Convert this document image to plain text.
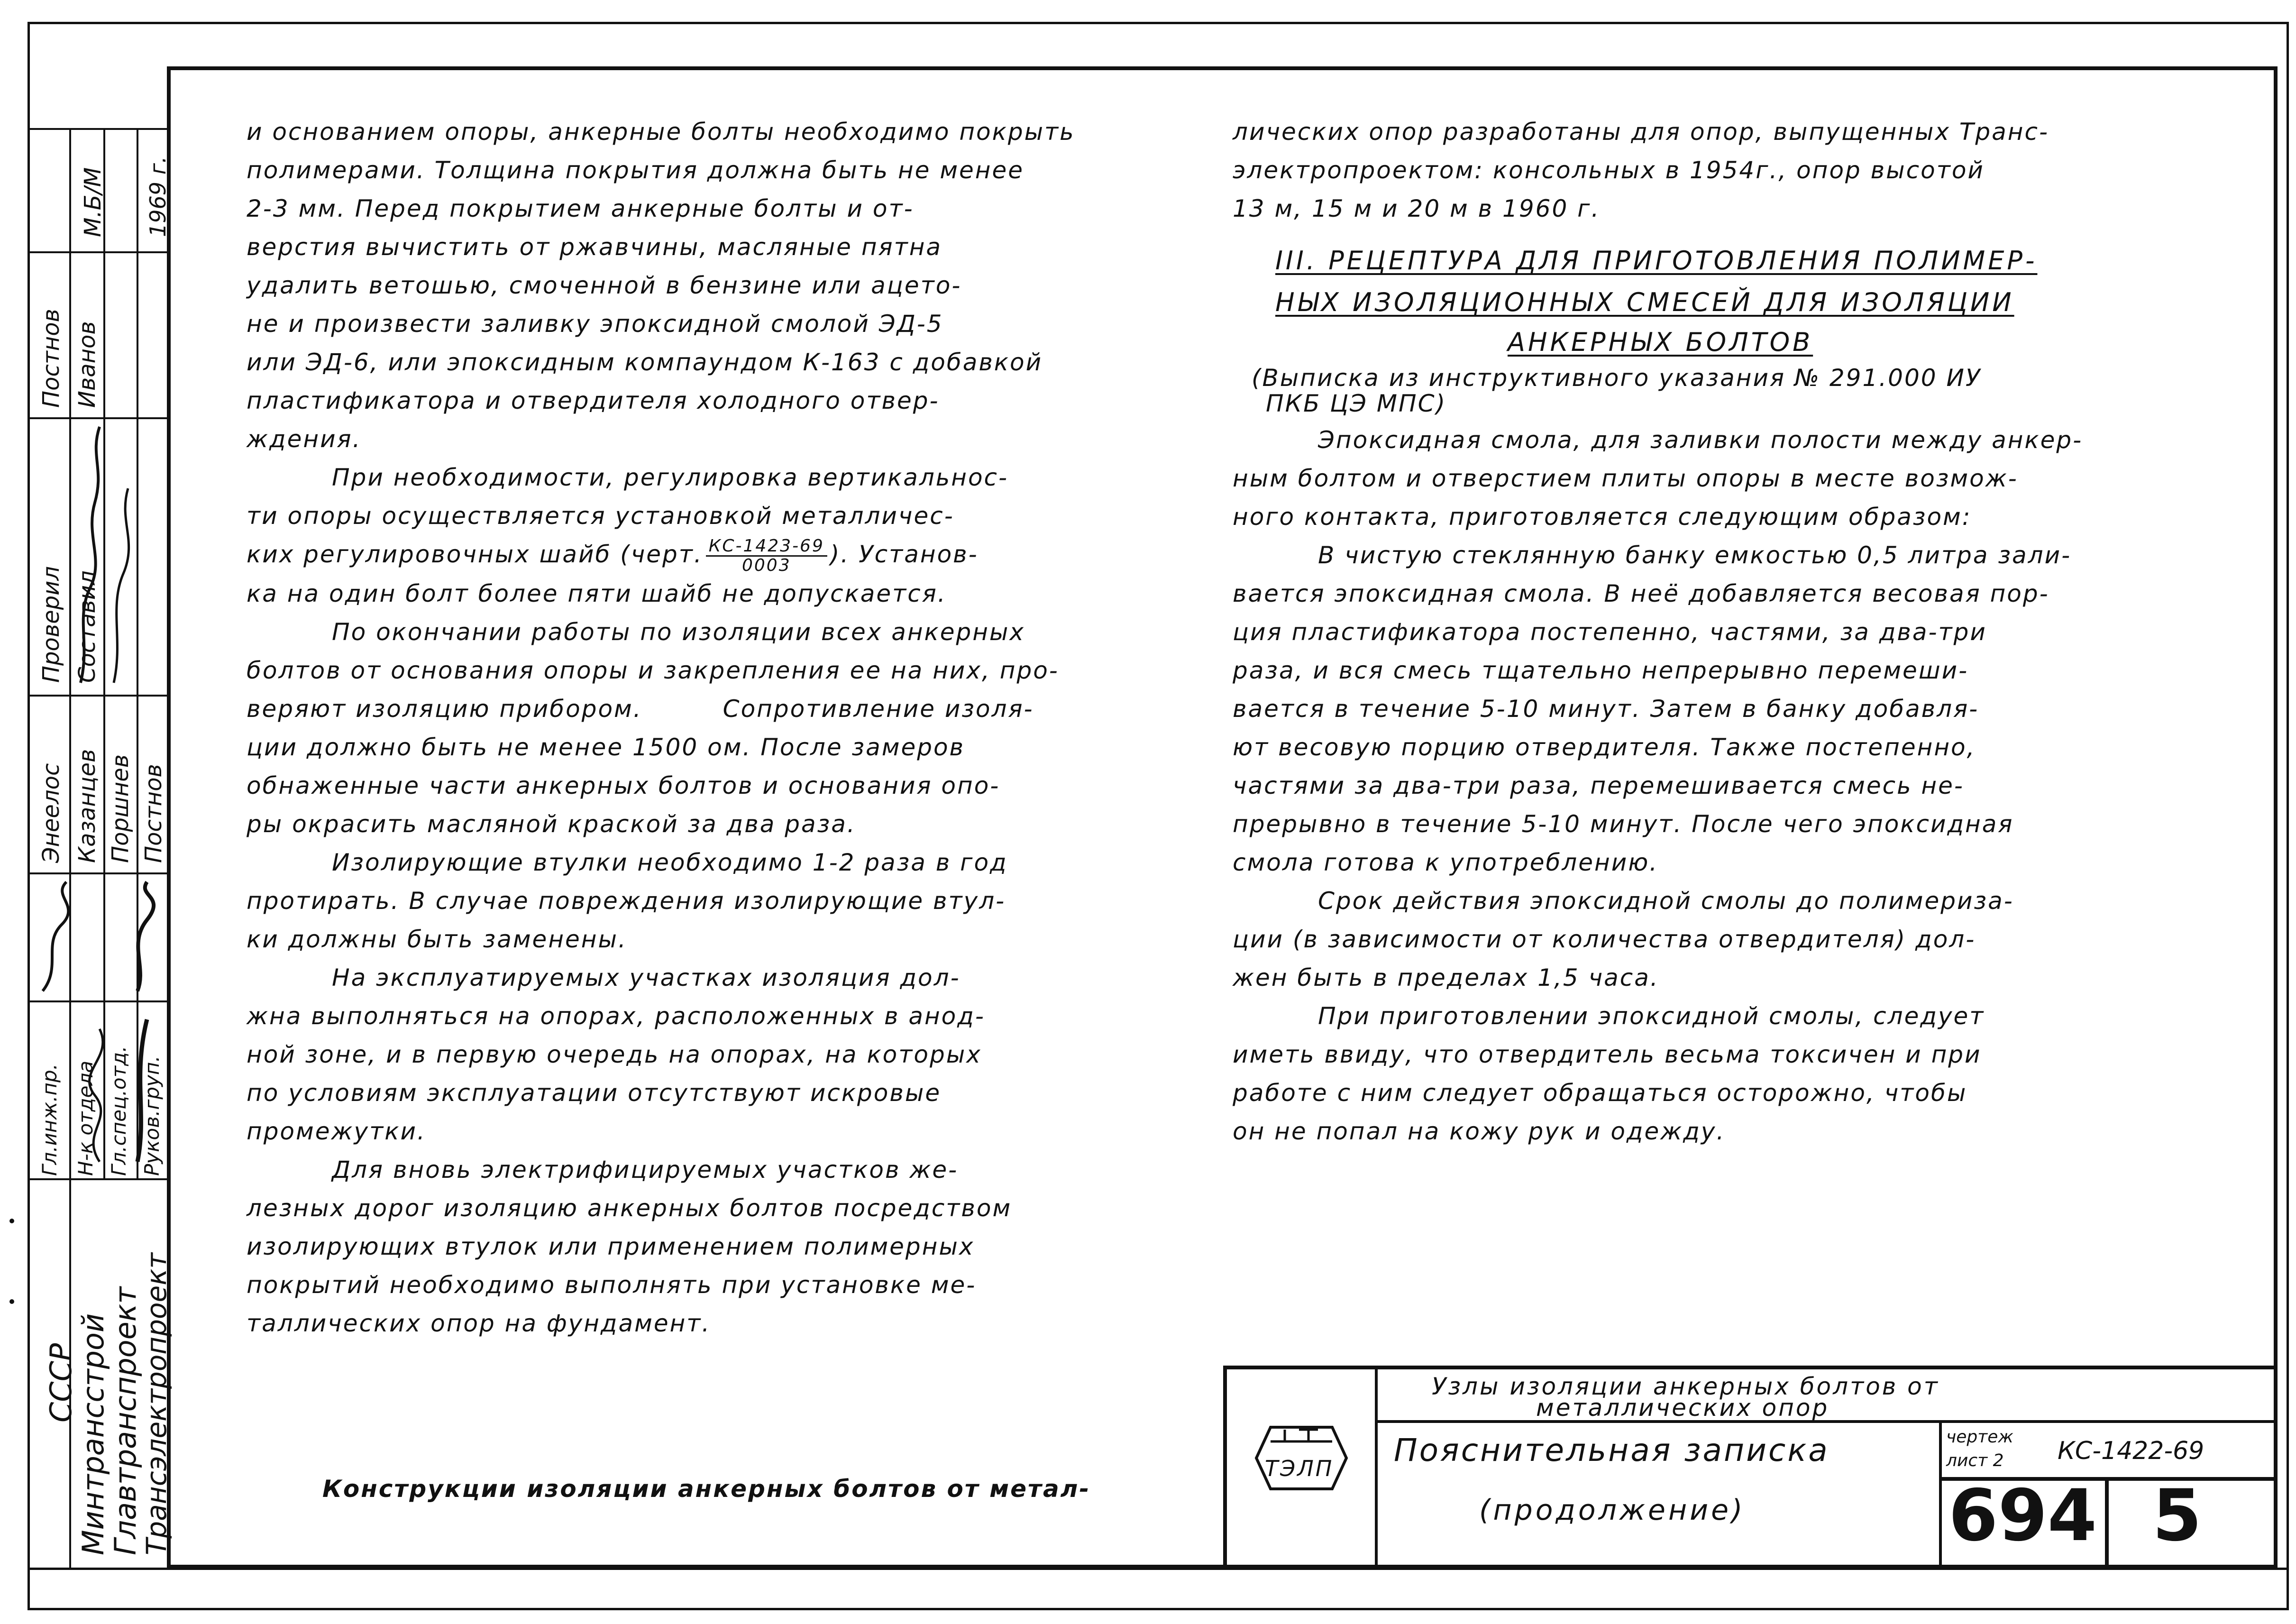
М.Б/М 1969 г.
Постнов
Проверил
Энеелос
Иванов
Составил
Казанцев Поршнев Постнов
Гл.инж.пр. Н-к отдела Гл.спец.отд. Руков.груп.
СССР
Минтрансстрой
Главтранспроект
Трансэлектропроект

и основанием опоры, анкерные болты необходимо покрыть

полимерами. Толщина покрытия должна быть не менее

2-3 мм. Перед покрытием анкерные болты и от-

верстия вычистить от ржавчины, масляные пятна

удалить ветошью, смоченной в бензине или ацето-

не и произвести заливку эпоксидной смолой ЭД-5

или ЭД-6, или эпоксидным компаундом К-163 с добавкой

пластификатора и отвердителя холодного отвер-

ждения.

При необходимости, регулировка вертикальнос-

ти опоры осуществляется установкой металличес-

ких регулировочных шайб (черт. КС-1423-69
0003	). Установ-

ка на один болт более пяти шайб не допускается.

По окончании работы по изоляции всех анкерных

болтов от основания опоры и закрепления ее на них, про-

веряют изоляцию прибором.	Сопротивление изоля-

ции должно быть не менее 1500 ом. После замеров

обнаженные части анкерных болтов и основания опо-

ры окрасить масляной краской за два раза.

Изолирующие втулки необходимо 1-2 раза в год

протирать. В случае повреждения изолирующие втул-

ки должны быть заменены.

На эксплуатируемых участках изоляция дол-

жна выполняться на опорах, расположенных в анод-

ной зоне, и в первую очередь на опорах, на которых

по условиям эксплуатации отсутствуют искровые

промежутки.

Для вновь электрифицируемых участков же-

лезных дорог изоляцию анкерных болтов посредством

изолирующих втулок или применением полимерных

покрытий необходимо выполнять при установке ме-

таллических опор на фундамент.

Конструкции изоляции анкерных болтов от метал-

лических опор разработаны для опор, выпущенных Транс-

электропроектом: консольных в 1954г., опор высотой

13 м, 15 м и 20 м в 1960 г.

III. РЕЦЕПТУРА ДЛЯ ПРИГОТОВЛЕНИЯ ПОЛИМЕР-
НЫХ ИЗОЛЯЦИОННЫХ СМЕСЕЙ ДЛЯ ИЗОЛЯЦИИ
АНКЕРНЫХ БОЛТОВ

(Выписка из инструктивного указания № 291.000 ИУ

ПКБ ЦЭ МПС)

Эпоксидная смола, для заливки полости между анкер-

ным болтом и отверстием плиты опоры в месте возмож-

ного контакта, приготовляется следующим образом:

В чистую стеклянную банку емкостью 0,5 литра зали-

вается эпоксидная смола. В неё добавляется весовая пор-

ция пластификатора постепенно, частями, за два-три

раза, и вся смесь тщательно непрерывно перемеши-

вается в течение 5-10 минут. Затем в банку добавля-

ют весовую порцию отвердителя. Также постепенно,

частями за два-три раза, перемешивается смесь не-

прерывно в течение 5-10 минут. После чего эпоксидная

смола готова к употреблению.

Срок действия эпоксидной смолы до полимериза-

ции (в зависимости от количества отвердителя) дол-

жен быть в пределах 1,5 часа.

При приготовлении эпоксидной смолы, следует

иметь ввиду, что отвердитель весьма токсичен и при

работе с ним следует обращаться осторожно, чтобы

он не попал на кожу рук и одежду.

ТЭЛП
Узлы изоляции анкерных болтов от
металлических опор
Пояснительная записка
(продолжение)
чертеж
лист 2 КС-1422-69
694 5
